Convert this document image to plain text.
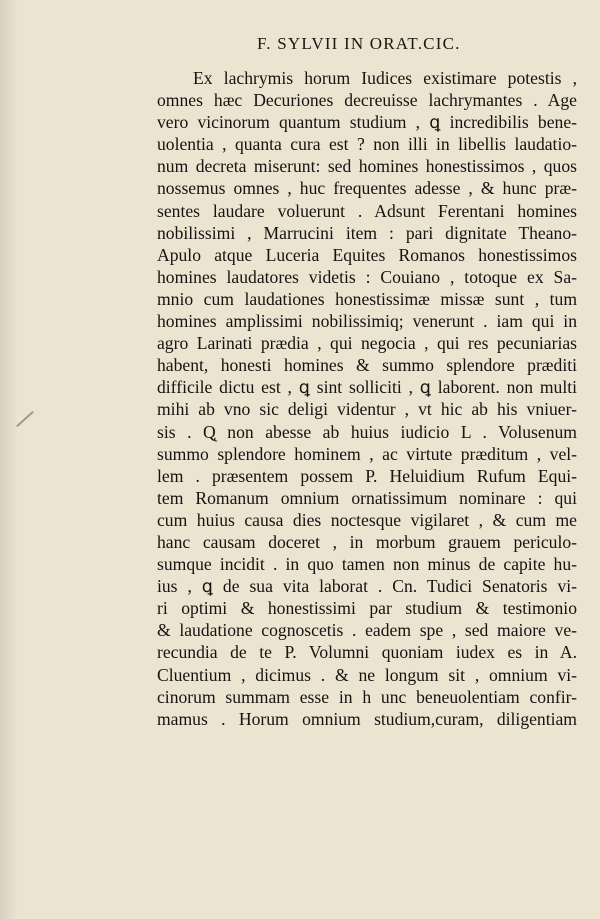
F. SYLVII IN ORAT.CIC.
Ex lachrymis horum Iudices existimare potestis ,
omnes hæc Decuriones decreuisse lachrymantes . Age
vero vicinorum quantum studium , ꝗ incredibilis bene-
uolentia , quanta cura est ? non illi in libellis laudatio-
num decreta miserunt: sed homines honestissimos , quos
nossemus omnes , huc frequentes adesse , & hunc præ-
sentes laudare voluerunt . Adsunt Ferentani homines
nobilissimi , Marrucini item : pari dignitate Theano-
Apulo atque Luceria Equites Romanos honestissimos
homines laudatores videtis : Couiano , totoque ex Sa-
mnio cum laudationes honestissimæ missæ sunt , tum
homines amplissimi nobilissimiq; venerunt . iam qui in
agro Larinati prædia , qui negocia , qui res pecuniarias
habent, honesti homines & summo splendore præditi
difficile dictu est , ꝗ sint solliciti , ꝗ laborent. non multi
mihi ab vno sic deligi videntur , vt hic ab his vniuer-
sis . Q̨ non abesse ab huius iudicio L . Volusenum
summo splendore hominem , ac virtute præditum , vel-
lem . præsentem possem P. Heluidium Rufum Equi-
tem Romanum omnium ornatissimum nominare : qui
cum huius causa dies noctesque vigilaret , & cum me
hanc causam doceret , in morbum grauem periculo-
sumque incidit . in quo tamen non minus de capite hu-
ius , ꝗ de sua vita laborat . Cn. Tudici Senatoris vi-
ri optimi & honestissimi par studium & testimonio
& laudatione cognoscetis . eadem spe , sed maiore ve-
recundia de te P. Volumni quoniam iudex es in A.
Cluentium , dicimus . & ne longum sit , omnium vi-
cinorum summam esse in h unc beneuolentiam confir-
mamus . Horum omnium studium,curam, diligentiam
